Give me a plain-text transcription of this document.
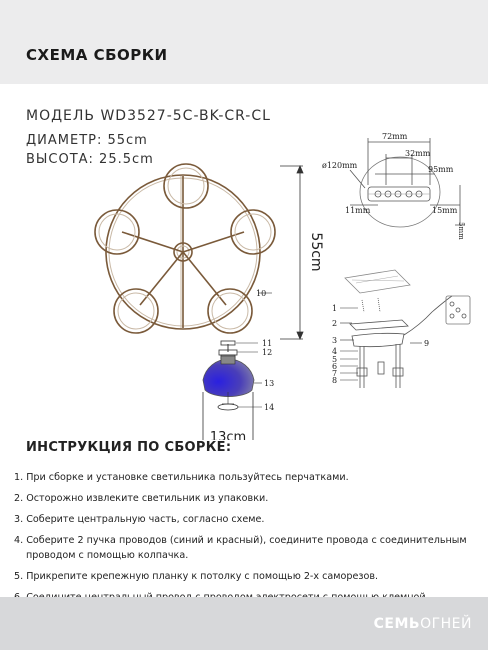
СХЕМА СБОРКИ
МОДЕЛЬ WD3527-5C-BK-CR-CL
ДИАМЕТР: 55cm
ВЫСОТА: 25.5cm
55cm
10
11
12
13
14
13cm
72mm
32mm
ø120mm	95mm
11mm	15mm
5mm
1
2
3
4
5
6
7
8
9
ИНСТРУКЦИЯ ПО СБОРКЕ:
1. При сборке и установке светильника пользуйтесь перчатками.
2. Осторожно извлеките светильник из упаковки.
3. Соберите центральную часть, согласно схеме.
4. Соберите 2 пучка проводов (синий и красный), соедините провода с соединительным
проводом с помощью колпачка.
5. Прикрепите крепежную планку к потолку с помощью 2-х саморезов.
СЕМЬОГНЕЙ
